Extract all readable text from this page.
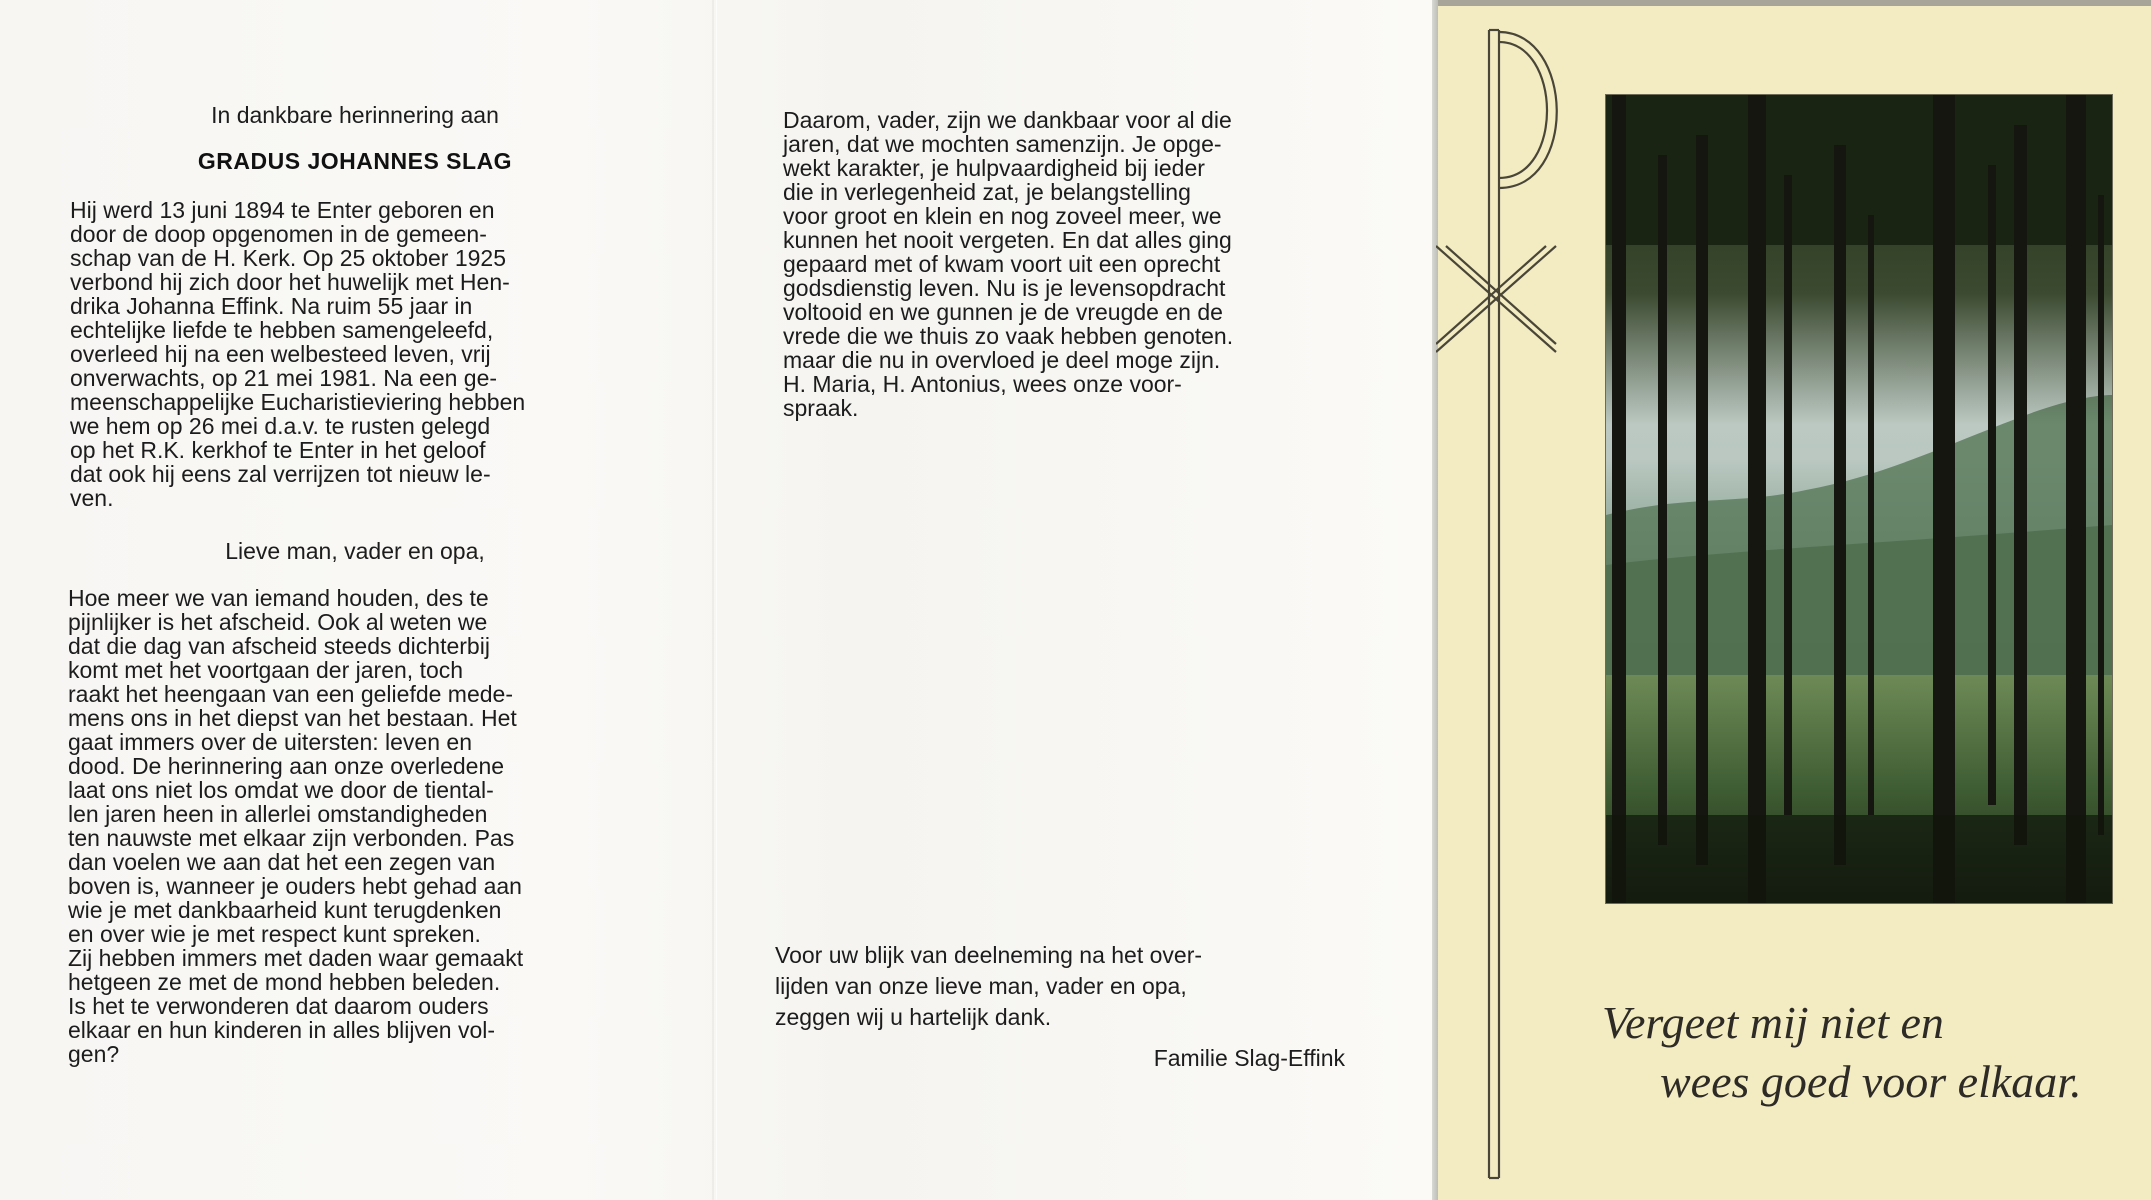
In dankbare herinnering aan
GRADUS JOHANNES SLAG

Hij werd 13 juni 1894 te Enter geboren en

door de doop opgenomen in de gemeen-

schap van de H. Kerk. Op 25 oktober 1925

verbond hij zich door het huwelijk met Hen-

drika Johanna Effink. Na ruim 55 jaar in

echtelijke liefde te hebben samengeleefd,

overleed hij na een welbesteed leven, vrij

onverwachts, op 21 mei 1981. Na een ge-

meenschappelijke Eucharistieviering hebben

we hem op 26 mei d.a.v. te rusten gelegd

op het R.K. kerkhof te Enter in het geloof

dat ook hij eens zal verrijzen tot nieuw le-

ven.

Lieve man, vader en opa,

Hoe meer we van iemand houden, des te

pijnlijker is het afscheid. Ook al weten we

dat die dag van afscheid steeds dichterbij

komt met het voortgaan der jaren, toch

raakt het heengaan van een geliefde mede-

mens ons in het diepst van het bestaan. Het

gaat immers over de uitersten: leven en

dood. De herinnering aan onze overledene

laat ons niet los omdat we door de tiental-

len jaren heen in allerlei omstandigheden

ten nauwste met elkaar zijn verbonden. Pas

dan voelen we aan dat het een zegen van

boven is, wanneer je ouders hebt gehad aan

wie je met dankbaarheid kunt terugdenken

en over wie je met respect kunt spreken.

Zij hebben immers met daden waar gemaakt

hetgeen ze met de mond hebben beleden.

Is het te verwonderen dat daarom ouders

elkaar en hun kinderen in alles blijven vol-

gen?

Daarom, vader, zijn we dankbaar voor al die

jaren, dat we mochten samenzijn. Je opge-

wekt karakter, je hulpvaardigheid bij ieder

die in verlegenheid zat, je belangstelling

voor groot en klein en nog zoveel meer, we

kunnen het nooit vergeten. En dat alles ging

gepaard met of kwam voort uit een oprecht

godsdienstig leven. Nu is je levensopdracht

voltooid en we gunnen je de vreugde en de

vrede die we thuis zo vaak hebben genoten.

maar die nu in overvloed je deel moge zijn.

H. Maria, H. Antonius, wees onze voor-

spraak.

Voor uw blijk van deelneming na het over-

lijden van onze lieve man, vader en opa,

zeggen wij u hartelijk dank.

Familie Slag-Effink
Vergeet mij niet en
wees goed voor elkaar.
